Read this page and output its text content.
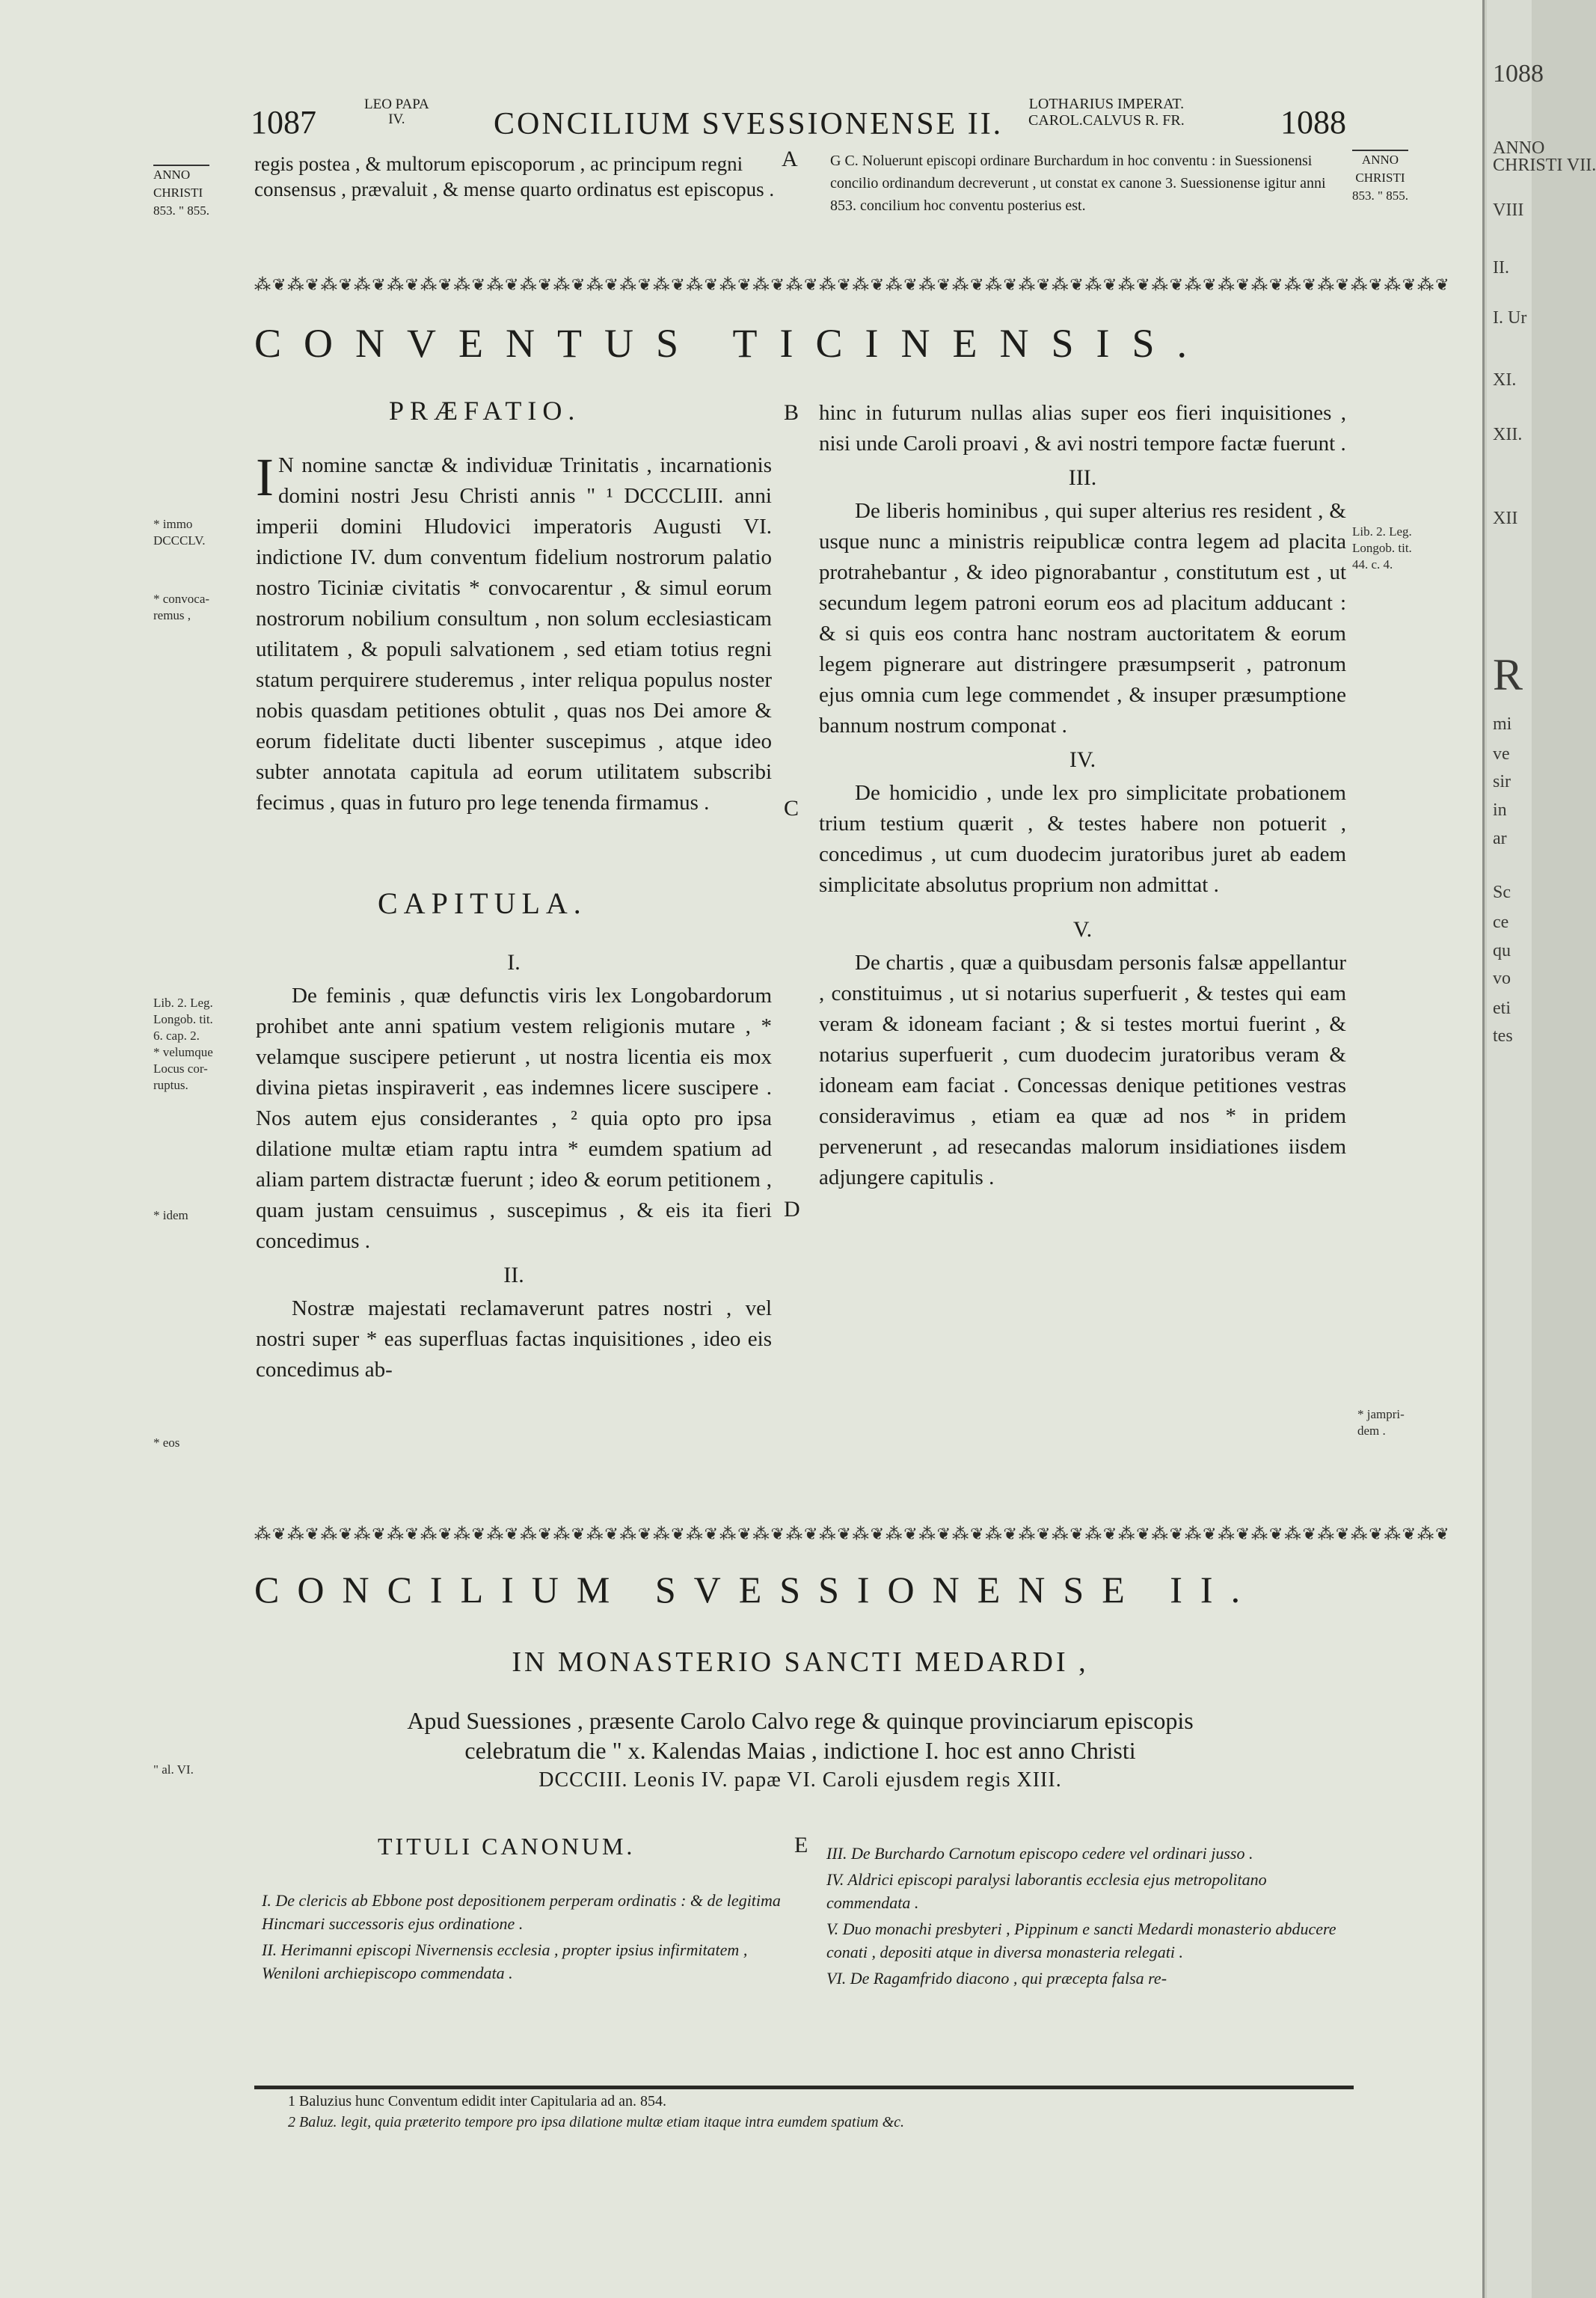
1087	LEO PAPA
IV.	CONCILIUM SVESSIONENSE II.
LOTHARIUS IMPERAT.
CAROL.CALVUS R. FR.	1088
ANNO
CHRISTI
853. " 855.
regis postea , & multorum episcoporum , ac principum regni consensus , prævaluit , & mense quarto ordinatus est episcopus .
A G C. Noluerunt episcopi ordinare Burchardum in hoc conventu : in Suessionensi concilio ordinandum decreverunt , ut constat ex canone 3. Suessionense igitur anni 853. concilium hoc conventu posterius est.
ANNO
CHRISTI
853. " 855.
⁂❦⁂❦⁂❦⁂❦⁂❦⁂❦⁂❦⁂❦⁂❦⁂❦⁂❦⁂❦⁂❦⁂❦⁂❦⁂❦⁂❦⁂❦⁂❦⁂❦⁂❦⁂❦⁂❦⁂❦⁂❦⁂❦⁂❦⁂❦⁂❦⁂❦⁂❦⁂❦⁂❦⁂❦⁂❦⁂❦
CONVENTUS TICINENSIS.
PRÆFATIO.

I N nomine sanctæ & individuæ Trinitatis , incarnationis domini nostri Jesu Christi annis " ¹ DCCCLIII. anni imperii domini Hludovici imperatoris Augusti VI. indictione IV. dum conventum fidelium nostrorum palatio nostro Ticiniæ civitatis * convocarentur , & simul eorum nostrorum nobilium consultum , non solum ecclesiasticam utilitatem , & populi salvationem , sed etiam totius regni statum perquirere studeremus , inter reliqua populus noster nobis quasdam petitiones obtulit , quas nos Dei amore & eorum fidelitate ducti libenter suscepimus , atque ideo subter annotata capitula ad eorum utilitatem subscribi fecimus , quas in futuro pro lege tenenda firmamus .

CAPITULA.
I.

De feminis , quæ defunctis viris lex Longobardorum prohibet ante anni spatium vestem religionis mutare , * velamque suscipere petierunt , ut nostra licentia eis mox divina pietas inspiraverit , eas indemnes licere suscipere . Nos autem ejus considerantes , ² quia opto pro ipsa dilatione multæ etiam raptu intra * eumdem spatium ad aliam partem distractæ fuerunt ; ideo & eorum petitionem , quam justam censuimus , suscepimus , & eis ita fieri concedimus .

II.

Nostræ majestati reclamaverunt patres nostri , vel nostri super * eas superfluas factas inquisitiones , ideo eis concedimus ab-

B
C
D

hinc in futurum nullas alias super eos fieri inquisitiones , nisi unde Caroli proavi , & avi nostri tempore factæ fuerunt .

III.

De liberis hominibus , qui super alterius res resident , & usque nunc a ministris reipublicæ contra legem ad placita protrahebantur , & ideo pignorabantur , constitutum est , ut secundum legem patroni eorum eos ad placitum adducant : & si quis eos contra hanc nostram auctoritatem & eorum legem pignerare aut distringere præsumpserit , patronum ejus omnia cum lege commendet , & insuper præsumptione bannum nostrum componat .

IV.

De homicidio , unde lex pro simplicitate probationem trium testium quærit , & testes habere non potuerit , concedimus , ut cum duodecim juratoribus juret ab eadem simplicitate absolutus proprium non admittat .

V.

De chartis , quæ a quibusdam personis falsæ appellantur , constituimus , ut si notarius superfuerit , & testes qui eam veram & idoneam faciant ; & si testes mortui fuerint , & notarius superfuerit , cum duodecim juratoribus veram & idoneam eam faciat . Concessas denique petitiones vestras consideravimus , etiam ea quæ ad nos * in pridem pervenerunt , ad resecandas malorum insidiationes iisdem adjungere capitulis .

* immo
DCCCLV.
* convoca-
remus ,
Lib. 2. Leg.
Longob. tit.
6. cap. 2.
* velumque
Locus cor-
ruptus.
* idem
* eos
" al. VI.
Lib. 2. Leg.
Longob. tit.
44. c. 4.
* jampri-
dem .
⁂❦⁂❦⁂❦⁂❦⁂❦⁂❦⁂❦⁂❦⁂❦⁂❦⁂❦⁂❦⁂❦⁂❦⁂❦⁂❦⁂❦⁂❦⁂❦⁂❦⁂❦⁂❦⁂❦⁂❦⁂❦⁂❦⁂❦⁂❦⁂❦⁂❦⁂❦⁂❦⁂❦⁂❦⁂❦⁂❦
CONCILIUM SVESSIONENSE II.
IN MONASTERIO SANCTI MEDARDI ,
Apud Suessiones , præsente Carolo Calvo rege & quinque provinciarum episcopis
celebratum die " x. Kalendas Maias , indictione I. hoc est anno Christi
DCCCIII. Leonis IV. papæ VI. Caroli ejusdem regis XIII.
TITULI CANONUM.	E
I. De clericis ab Ebbone post depositionem perperam ordinatis : & de legitima Hincmari successoris ejus ordinatione .
II. Herimanni episcopi Nivernensis ecclesia , propter ipsius infirmitatem , Weniloni archiepiscopo commendata .
III. De Burchardo Carnotum episcopo cedere vel ordinari jusso .
IV. Aldrici episcopi paralysi laborantis ecclesia ejus metropolitano commendata .
V. Duo monachi presbyteri , Pippinum e sancti Medardi monasterio abducere conati , depositi atque in diversa monasteria relegati .
VI. De Ragamfrido diacono , qui præcepta falsa re-
1 Baluzius hunc Conventum edidit inter Capitularia ad an. 854.
2 Baluz. legit, quia præterito tempore pro ipsa dilatione multæ etiam itaque intra eumdem spatium &c.
1088
ANNO
CHRISTI VII.
VIII
II.
I. Ur
XI.
XII.
XII
R
mi
ve
sir
in
ar
Sc
ce
qu
vo
eti
tes
